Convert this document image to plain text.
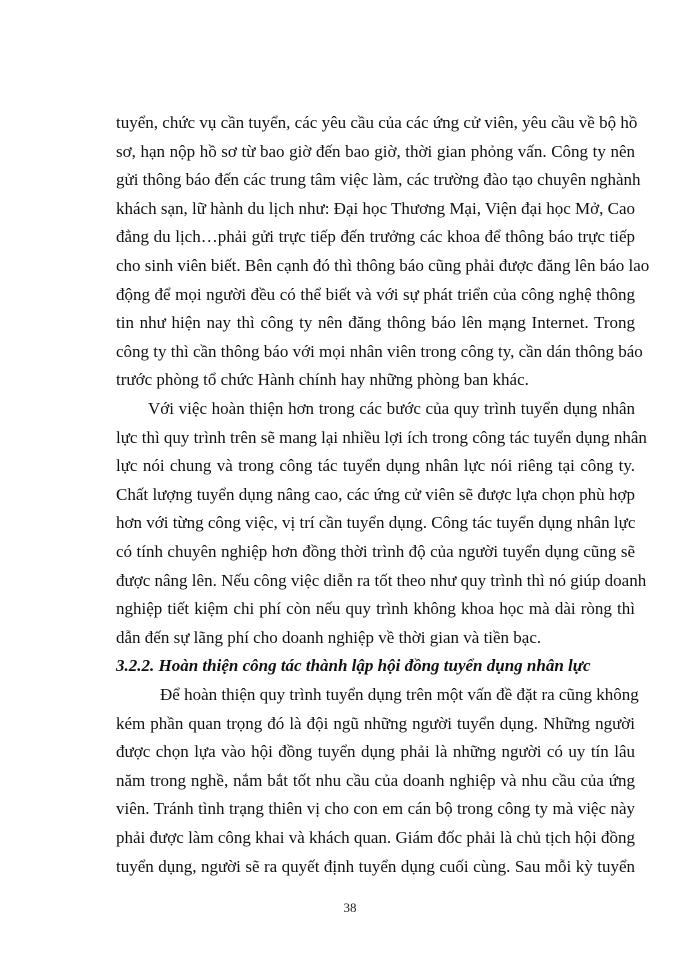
tuyển, chức vụ cần tuyển, các yêu cầu của các ứng cử viên, yêu cầu về bộ hồ
sơ, hạn nộp hồ sơ từ bao giờ đến bao giờ, thời gian phỏng vấn. Công ty nên
gửi thông báo đến các trung tâm việc làm, các trường đào tạo chuyên nghành
khách sạn, lữ hành du lịch như: Đại học Thương Mại, Viện đại học Mở, Cao
đẳng du lịch…phải gửi trực tiếp đến trưởng các khoa để thông báo trực tiếp
cho sinh viên biết. Bên cạnh đó thì thông báo cũng phải được đăng lên báo lao
động để mọi người đều có thể biết và với sự phát triển của công nghệ thông
tin như hiện nay thì công ty nên đăng thông báo lên mạng Internet. Trong
công ty thì cần thông báo với mọi nhân viên trong công ty, cần dán thông báo
trước phòng tổ chức Hành chính hay những phòng ban khác.
Với việc hoàn thiện hơn trong các bước của quy trình tuyển dụng nhân
lực thì quy trình trên sẽ mang lại nhiều lợi ích trong công tác tuyển dụng nhân
lực nói chung và trong công tác tuyển dụng nhân lực nói riêng tại công ty.
Chất lượng tuyển dụng nâng cao, các ứng cử viên sẽ được lựa chọn phù hợp
hơn với từng công việc, vị trí cần tuyển dụng. Công tác tuyển dụng nhân lực
có tính chuyên nghiệp hơn đồng thời trình độ của người tuyển dụng cũng sẽ
được nâng lên. Nếu công việc diễn ra tốt theo như quy trình thì nó giúp doanh
nghiệp tiết kiệm chi phí còn nếu quy trình không khoa học mà dài ròng thì
dẫn đến sự lãng phí cho doanh nghiệp về thời gian và tiền bạc.
3.2.2. Hoàn thiện công tác thành lập hội đồng tuyển dụng nhân lực
Để hoàn thiện quy trình tuyển dụng trên một vấn đề đặt ra cũng không
kém phần quan trọng đó là đội ngũ những người tuyển dụng. Những người
được chọn lựa vào hội đồng tuyển dụng phải là những người có uy tín lâu
năm trong nghề, nắm bắt tốt nhu cầu của doanh nghiệp và nhu cầu của ứng
viên. Tránh tình trạng thiên vị cho con em cán bộ trong công ty mà việc này
phải được làm công khai và khách quan. Giám đốc phải là chủ tịch hội đồng
tuyển dụng, người sẽ ra quyết định tuyển dụng cuối cùng. Sau mỗi kỳ tuyển
38
